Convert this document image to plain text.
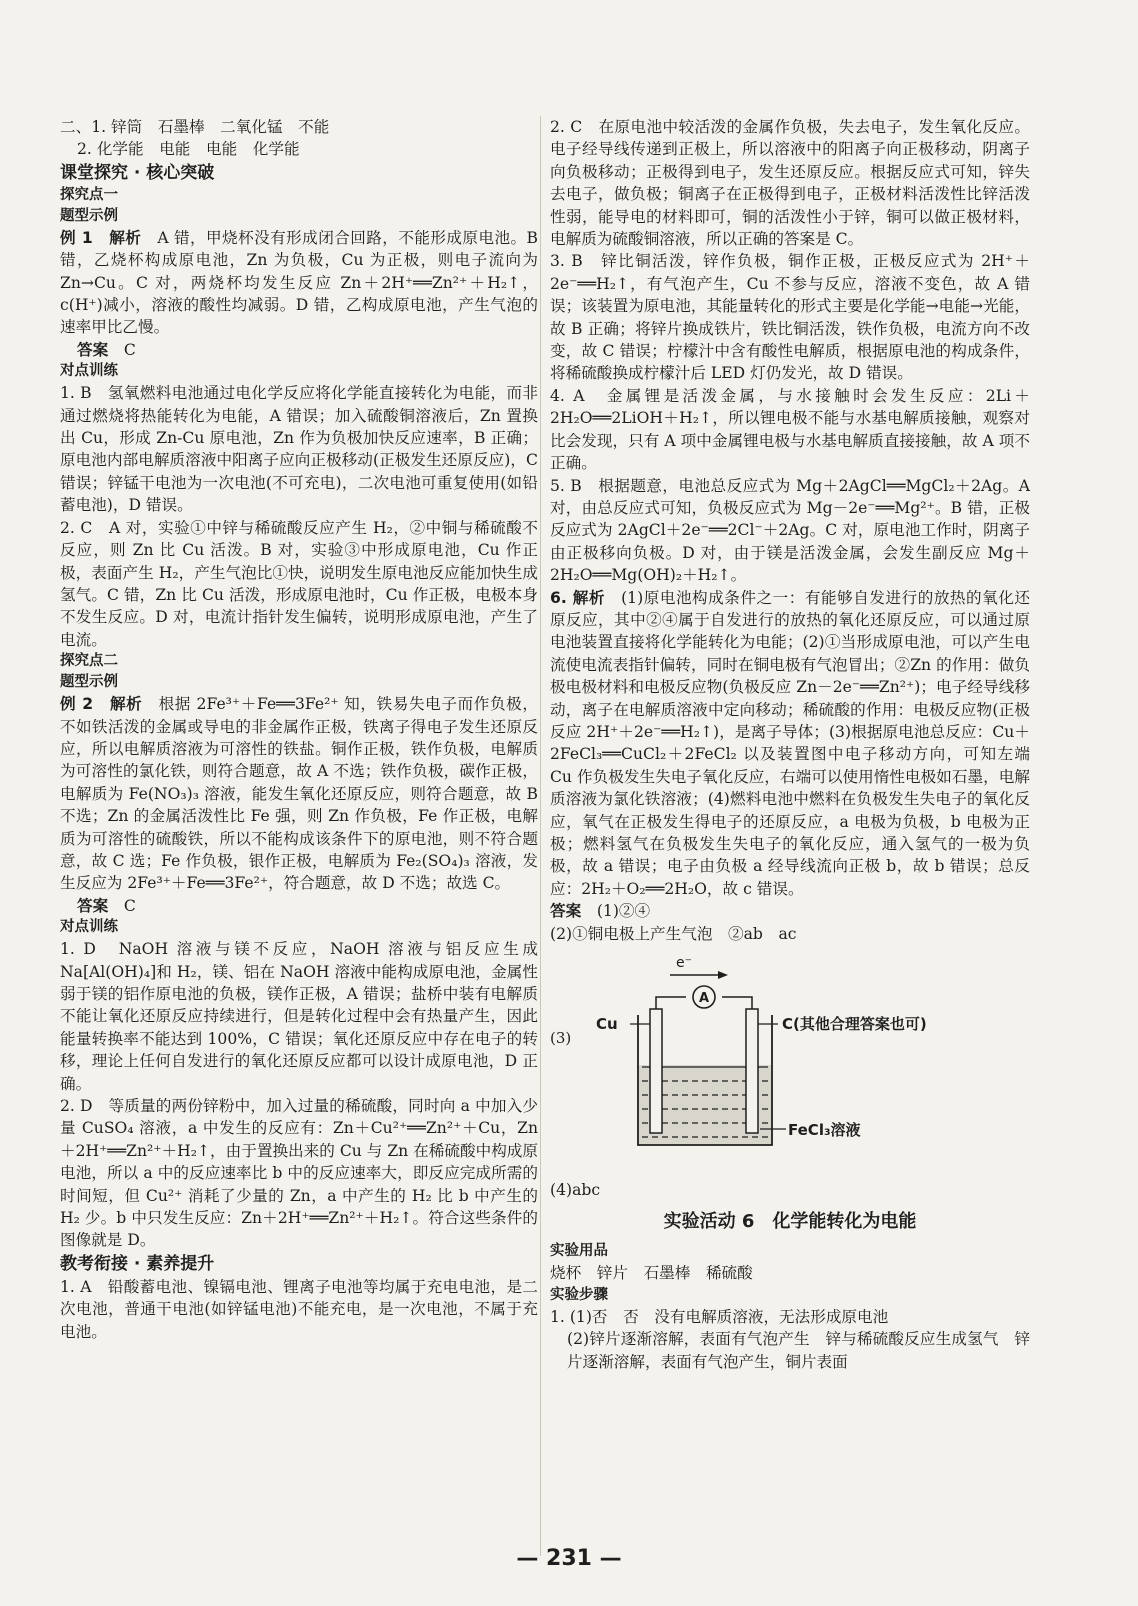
二、1. 锌筒　石墨棒　二氧化锰　不能

2. 化学能　电能　电能　化学能

课堂探究 · 核心突破

探究点一

题型示例

例 1　 解析　 A 错，甲烧杯没有形成闭合回路，不能形成原电池。B 错，乙烧杯构成原电池，Zn 为负极，Cu 为正极，则电子流向为 Zn→Cu。C 对，两烧杯均发生反应 Zn＋2H⁺══Zn²⁺＋H₂↑，c(H⁺)减小，溶液的酸性均减弱。D 错，乙构成原电池，产生气泡的速率甲比乙慢。

答案　 C

对点训练

1. B　氢氧燃料电池通过电化学反应将化学能直接转化为电能，而非通过燃烧将热能转化为电能，A 错误；加入硫酸铜溶液后，Zn 置换出 Cu，形成 Zn-Cu 原电池，Zn 作为负极加快反应速率，B 正确；原电池内部电解质溶液中阳离子应向正极移动(正极发生还原反应)，C 错误；锌锰干电池为一次电池(不可充电)，二次电池可重复使用(如铅蓄电池)，D 错误。

2. C　A 对，实验①中锌与稀硫酸反应产生 H₂，②中铜与稀硫酸不反应，则 Zn 比 Cu 活泼。B 对，实验③中形成原电池，Cu 作正极，表面产生 H₂，产生气泡比①快，说明发生原电池反应能加快生成氢气。C 错，Zn 比 Cu 活泼，形成原电池时，Cu 作正极，电极本身不发生反应。D 对，电流计指针发生偏转，说明形成原电池，产生了电流。

探究点二

题型示例

例 2　 解析　 根据 2Fe³⁺＋Fe══3Fe²⁺ 知，铁易失电子而作负极，不如铁活泼的金属或导电的非金属作正极，铁离子得电子发生还原反应，所以电解质溶液为可溶性的铁盐。铜作正极，铁作负极，电解质为可溶性的氯化铁，则符合题意，故 A 不选；铁作负极，碳作正极，电解质为 Fe(NO₃)₃ 溶液，能发生氧化还原反应，则符合题意，故 B 不选；Zn 的金属活泼性比 Fe 强，则 Zn 作负极，Fe 作正极，电解质为可溶性的硫酸铁，所以不能构成该条件下的原电池，则不符合题意，故 C 选；Fe 作负极，银作正极，电解质为 Fe₂(SO₄)₃ 溶液，发生反应为 2Fe³⁺＋Fe══3Fe²⁺，符合题意，故 D 不选；故选 C。

答案　 C

对点训练

1. D　NaOH 溶液与镁不反应，NaOH 溶液与铝反应生成 Na[Al(OH)₄]和 H₂，镁、铝在 NaOH 溶液中能构成原电池，金属性弱于镁的铝作原电池的负极，镁作正极，A 错误；盐桥中装有电解质不能让氧化还原反应持续进行，但是转化过程中会有热量产生，因此能量转换率不能达到 100%，C 错误；氧化还原反应中存在电子的转移，理论上任何自发进行的氧化还原反应都可以设计成原电池，D 正确。

2. D　等质量的两份锌粉中，加入过量的稀硫酸，同时向 a 中加入少量 CuSO₄ 溶液，a 中发生的反应有：Zn＋Cu²⁺══Zn²⁺＋Cu，Zn＋2H⁺══Zn²⁺＋H₂↑，由于置换出来的 Cu 与 Zn 在稀硫酸中构成原电池，所以 a 中的反应速率比 b 中的反应速率大，即反应完成所需的时间短，但 Cu²⁺ 消耗了少量的 Zn，a 中产生的 H₂ 比 b 中产生的 H₂ 少。b 中只发生反应：Zn＋2H⁺══Zn²⁺＋H₂↑。符合这些条件的图像就是 D。

教考衔接 · 素养提升

1. A　铅酸蓄电池、镍镉电池、锂离子电池等均属于充电电池，是二次电池，普通干电池(如锌锰电池)不能充电，是一次电池，不属于充电池。

2. C　在原电池中较活泼的金属作负极，失去电子，发生氧化反应。电子经导线传递到正极上，所以溶液中的阳离子向正极移动，阴离子向负极移动；正极得到电子，发生还原反应。根据反应式可知，锌失去电子，做负极；铜离子在正极得到电子，正极材料活泼性比锌活泼性弱，能导电的材料即可，铜的活泼性小于锌，铜可以做正极材料，电解质为硫酸铜溶液，所以正确的答案是 C。

3. B　锌比铜活泼，锌作负极，铜作正极，正极反应式为 2H⁺＋2e⁻══H₂↑，有气泡产生，Cu 不参与反应，溶液不变色，故 A 错误；该装置为原电池，其能量转化的形式主要是化学能→电能→光能，故 B 正确；将锌片换成铁片，铁比铜活泼，铁作负极，电流方向不改变，故 C 错误；柠檬汁中含有酸性电解质，根据原电池的构成条件，将稀硫酸换成柠檬汁后 LED 灯仍发光，故 D 错误。

4. A　金属锂是活泼金属，与水接触时会发生反应：2Li＋2H₂O══2LiOH＋H₂↑，所以锂电极不能与水基电解质接触，观察对比会发现，只有 A 项中金属锂电极与水基电解质直接接触，故 A 项不正确。

5. B　根据题意，电池总反应式为 Mg＋2AgCl══MgCl₂＋2Ag。A 对，由总反应式可知，负极反应式为 Mg－2e⁻══Mg²⁺。B 错，正极反应式为 2AgCl＋2e⁻══2Cl⁻＋2Ag。C 对，原电池工作时，阴离子由正极移向负极。D 对，由于镁是活泼金属，会发生副反应 Mg＋2H₂O══Mg(OH)₂＋H₂↑。

6. 解析　 (1)原电池构成条件之一：有能够自发进行的放热的氧化还原反应，其中②④属于自发进行的放热的氧化还原反应，可以通过原电池装置直接将化学能转化为电能；(2)①当形成原电池，可以产生电流使电流表指针偏转，同时在铜电极有气泡冒出；②Zn 的作用：做负极电极材料和电极反应物(负极反应 Zn－2e⁻══Zn²⁺)；电子经导线移动，离子在电解质溶液中定向移动；稀硫酸的作用：电极反应物(正极反应 2H⁺＋2e⁻══H₂↑)，是离子导体；(3)根据原电池总反应：Cu＋2FeCl₃══CuCl₂＋2FeCl₂ 以及装置图中电子移动方向，可知左端 Cu 作负极发生失电子氧化反应，右端可以使用惰性电极如石墨，电解质溶液为氯化铁溶液；(4)燃料电池中燃料在负极发生失电子的氧化反应，氧气在正极发生得电子的还原反应，a 电极为负极，b 电极为正极；燃料氢气在负极发生失电子的氧化反应，通入氢气的一极为负极，故 a 错误；电子由负极 a 经导线流向正极 b，故 b 错误；总反应：2H₂＋O₂══2H₂O，故 c 错误。

答案　 (1)②④

(2)①铜电极上产生气泡　②ab　ac

(3)
e⁻
A
Cu	C(其他合理答案也可)
FeCl₃溶液

(4)abc

实验活动 6　化学能转化为电能

实验用品

烧杯　锌片　石墨棒　稀硫酸

实验步骤

1. (1)否　否　没有电解质溶液，无法形成原电池

(2)锌片逐渐溶解，表面有气泡产生　锌与稀硫酸反应生成氢气　锌片逐渐溶解，表面有气泡产生，铜片表面

— 231 —
